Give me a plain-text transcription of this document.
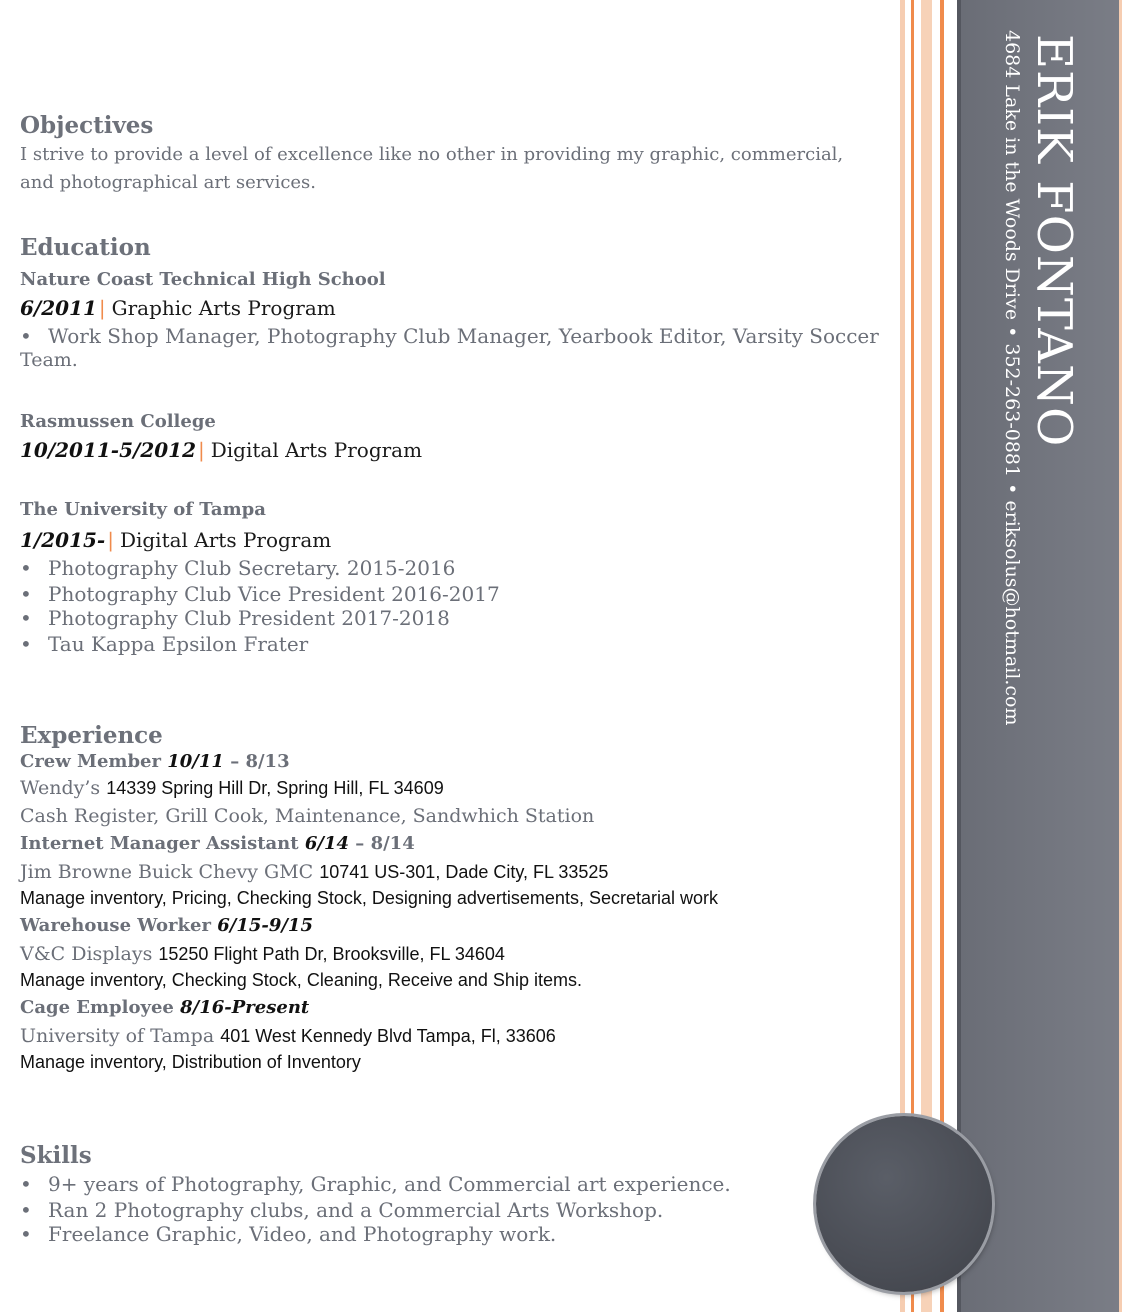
ERIK FONTANO
4684 Lake in the Woods Drive • 352-263-0881 • eriksolus@hotmail.com
Objectives
I strive to provide a level of excellence like no other in providing my graphic, commercial,
and photographical art services.
Education
Nature Coast Technical High School
6/2011 | Graphic Arts Program
• Work Shop Manager, Photography Club Manager, Yearbook Editor, Varsity Soccer
Team.
Rasmussen College
10/2011-5/2012 | Digital Arts Program
The University of Tampa
1/2015- | Digital Arts Program
• Photography Club Secretary. 2015-2016
• Photography Club Vice President 2016-2017
• Photography Club President 2017-2018
• Tau Kappa Epsilon Frater
Experience
Crew Member 10/11 – 8/13
Wendy’s 14339 Spring Hill Dr, Spring Hill, FL 34609
Cash Register, Grill Cook, Maintenance, Sandwhich Station
Internet Manager Assistant 6/14 – 8/14
Jim Browne Buick Chevy GMC 10741 US-301, Dade City, FL 33525
Manage inventory, Pricing, Checking Stock, Designing advertisements, Secretarial work
Warehouse Worker 6/15-9/15
V&C Displays 15250 Flight Path Dr, Brooksville, FL 34604
Manage inventory, Checking Stock, Cleaning, Receive and Ship items.
Cage Employee 8/16-Present
University of Tampa 401 West Kennedy Blvd Tampa, Fl, 33606
Manage inventory, Distribution of Inventory
Skills
• 9+ years of Photography, Graphic, and Commercial art experience.
• Ran 2 Photography clubs, and a Commercial Arts Workshop.
• Freelance Graphic, Video, and Photography work.
